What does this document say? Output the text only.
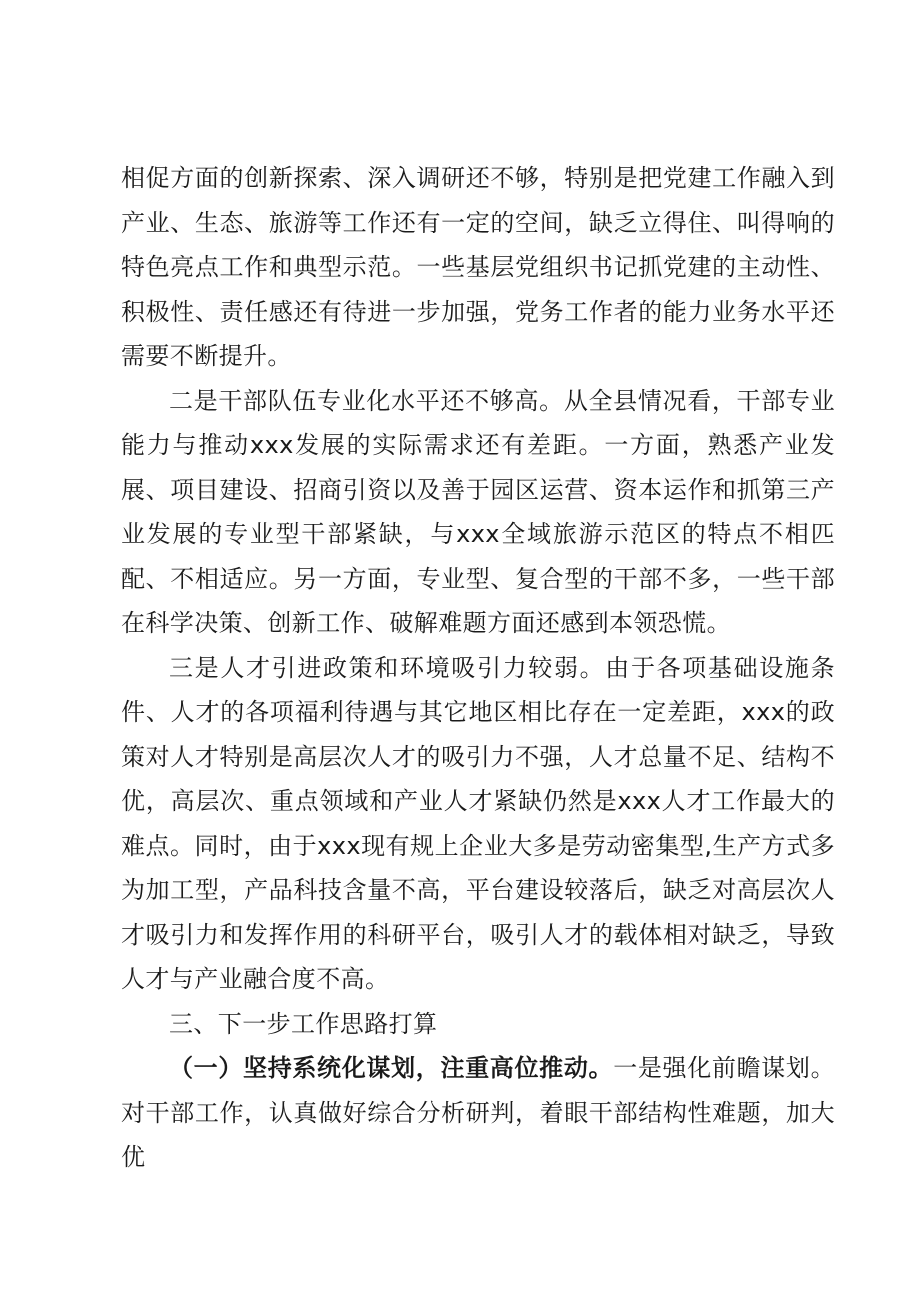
相促方面的创新探索、深入调研还不够，特别是把党建工作融入到产业、生态、旅游等工作还有一定的空间，缺乏立得住、叫得响的特色亮点工作和典型示范。一些基层党组织书记抓党建的主动性、积极性、责任感还有待进一步加强，党务工作者的能力业务水平还需要不断提升。

二是干部队伍专业化水平还不够高。从全县情况看，干部专业能力与推动xxx发展的实际需求还有差距。一方面，熟悉产业发展、项目建设、招商引资以及善于园区运营、资本运作和抓第三产业发展的专业型干部紧缺，与xxx全域旅游示范区的特点不相匹配、不相适应。另一方面，专业型、复合型的干部不多，一些干部在科学决策、创新工作、破解难题方面还感到本领恐慌。

三是人才引进政策和环境吸引力较弱。由于各项基础设施条件、人才的各项福利待遇与其它地区相比存在一定差距，xxx的政策对人才特别是高层次人才的吸引力不强，人才总量不足、结构不优，高层次、重点领域和产业人才紧缺仍然是xxx人才工作最大的难点。同时，由于xxx现有规上企业大多是劳动密集型,生产方式多为加工型，产品科技含量不高，平台建设较落后，缺乏对高层次人才吸引力和发挥作用的科研平台，吸引人才的载体相对缺乏，导致人才与产业融合度不高。

三、下一步工作思路打算

（一）坚持系统化谋划，注重高位推动。一是强化前瞻谋划。对干部工作，认真做好综合分析研判，着眼干部结构性难题，加大优
